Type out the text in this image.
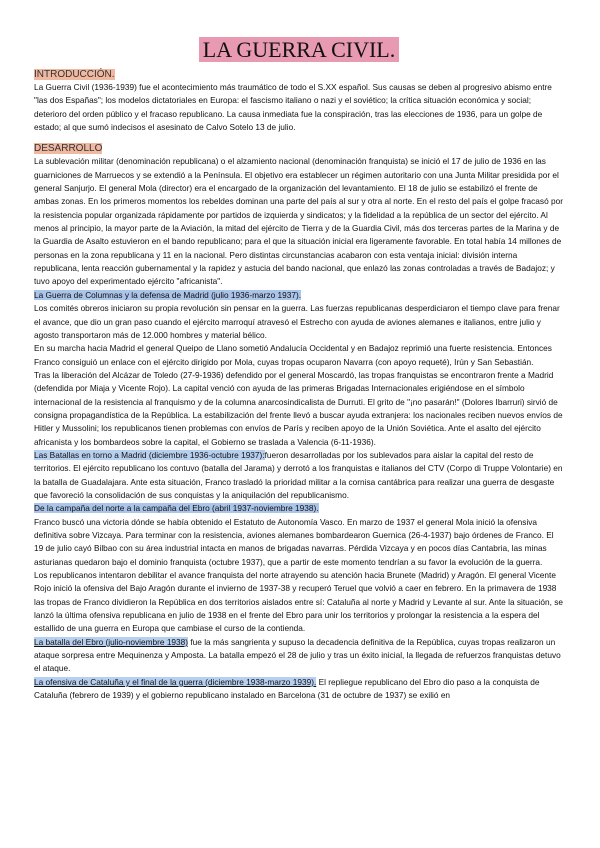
LA GUERRA CIVIL.
INTRODUCCIÓN.

La Guerra Civil (1936-1939) fue el acontecimiento más traumático de todo el S.XX español. Sus causas se deben al progresivo abismo entre "las dos Españas"; los modelos dictatoriales en Europa: el fascismo italiano o nazi y el soviético; la crítica situación económica y social; deterioro del orden público y el fracaso republicano. La causa inmediata fue la conspiración, tras las elecciones de 1936, para un golpe de estado; al que sumó indecisos el asesinato de Calvo Sotelo 13 de julio.

DESARROLLO

La sublevación militar (denominación republicana) o el alzamiento nacional (denominación franquista) se inició el 17 de julio de 1936 en las guarniciones de Marruecos y se extendió a la Península. El objetivo era establecer un régimen autoritario con una Junta Militar presidida por el general Sanjurjo. El general Mola (director) era el encargado de la organización del levantamiento. El 18 de julio se estabilizó el frente de ambas zonas. En los primeros momentos los rebeldes dominan una parte del país al sur y otra al norte. En el resto del país el golpe fracasó por la resistencia popular organizada rápidamente por partidos de izquierda y sindicatos; y la fidelidad a la república de un sector del ejército. Al menos al principio, la mayor parte de la Aviación, la mitad del ejército de Tierra y de la Guardia Civil, más dos terceras partes de la Marina y de la Guardia de Asalto estuvieron en el bando republicano; para el que la situación inicial era ligeramente favorable. En total había 14 millones de personas en la zona republicana y 11 en la nacional. Pero distintas circunstancias acabaron con esta ventaja inicial: división interna republicana, lenta reacción gubernamental y la rapidez y astucia del bando nacional, que enlazó las zonas controladas a través de Badajoz; y tuvo apoyo del experimentado ejército "africanista".

La Guerra de Columnas y la defensa de Madrid (julio 1936-marzo 1937).

Los comités obreros iniciaron su propia revolución sin pensar en la guerra. Las fuerzas republicanas desperdiciaron el tiempo clave para frenar el avance, que dio un gran paso cuando el ejército marroquí atravesó el Estrecho con ayuda de aviones alemanes e italianos, entre julio y agosto transportaron más de 12.000 hombres y material bélico.

En su marcha hacia Madrid el general Queipo de Llano sometió Andalucía Occidental y en Badajoz reprimió una fuerte resistencia. Entonces Franco consiguió un enlace con el ejército dirigido por Mola, cuyas tropas ocuparon Navarra (con apoyo requeté), Irún y San Sebastián.

Tras la liberación del Alcázar de Toledo (27-9-1936) defendido por el general Moscardó, las tropas franquistas se encontraron frente a Madrid (defendida por Miaja y Vicente Rojo). La capital venció con ayuda de las primeras Brigadas Internacionales erigiéndose en el símbolo internacional de la resistencia al franquismo y de la columna anarcosindicalista de Durruti. El grito de "¡no pasarán!" (Dolores Ibarruri) sirvió de consigna propagandística de la República. La estabilización del frente llevó a buscar ayuda extranjera: los nacionales reciben nuevos envíos de Hitler y Mussolini; los republicanos tienen problemas con envíos de París y reciben apoyo de la Unión Soviética. Ante el asalto del ejército africanista y los bombardeos sobre la capital, el Gobierno se traslada a Valencia (6-11-1936).

Las Batallas en torno a Madrid (diciembre 1936-octubre 1937):fueron desarrolladas por los sublevados para aislar la capital del resto de territorios. El ejército republicano los contuvo (batalla del Jarama) y derrotó a los franquistas e italianos del CTV (Corpo di Truppe Volontarie) en la batalla de Guadalajara. Ante esta situación, Franco trasladó la prioridad militar a la cornisa cantábrica para realizar una guerra de desgaste que favoreció la consolidación de sus conquistas y la aniquilación del republicanismo.

De la campaña del norte a la campaña del Ebro (abril 1937-noviembre 1938).

Franco buscó una victoria dónde se había obtenido el Estatuto de Autonomía Vasco. En marzo de 1937 el general Mola inició la ofensiva definitiva sobre Vizcaya. Para terminar con la resistencia, aviones alemanes bombardearon Guernica (26-4-1937) bajo órdenes de Franco. El 19 de julio cayó Bilbao con su área industrial intacta en manos de brigadas navarras. Pérdida Vizcaya y en pocos días Cantabria, las minas asturianas quedaron bajo el dominio franquista (octubre 1937), que a partir de este momento tendrían a su favor la evolución de la guerra.

Los republicanos intentaron debilitar el avance franquista del norte atrayendo su atención hacia Brunete (Madrid) y Aragón. El general Vicente Rojo inició la ofensiva del Bajo Aragón durante el invierno de 1937-38 y recuperó Teruel que volvió a caer en febrero. En la primavera de 1938 las tropas de Franco dividieron la República en dos territorios aislados entre sí: Cataluña al norte y Madrid y Levante al sur. Ante la situación, se lanzó la última ofensiva republicana en julio de 1938 en el frente del Ebro para unir los territorios y prolongar la resistencia a la espera del estallido de una guerra en Europa que cambiase el curso de la contienda.

La batalla del Ebro (julio-noviembre 1938) fue la más sangrienta y supuso la decadencia definitiva de la República, cuyas tropas realizaron un ataque sorpresa entre Mequinenza y Amposta. La batalla empezó el 28 de julio y tras un éxito inicial, la llegada de refuerzos franquistas detuvo el ataque.

La ofensiva de Cataluña y el final de la guerra (diciembre 1938-marzo 1939). El repliegue republicano del Ebro dio paso a la conquista de Cataluña (febrero de 1939) y el gobierno republicano instalado en Barcelona (31 de octubre de 1937) se exilió en
